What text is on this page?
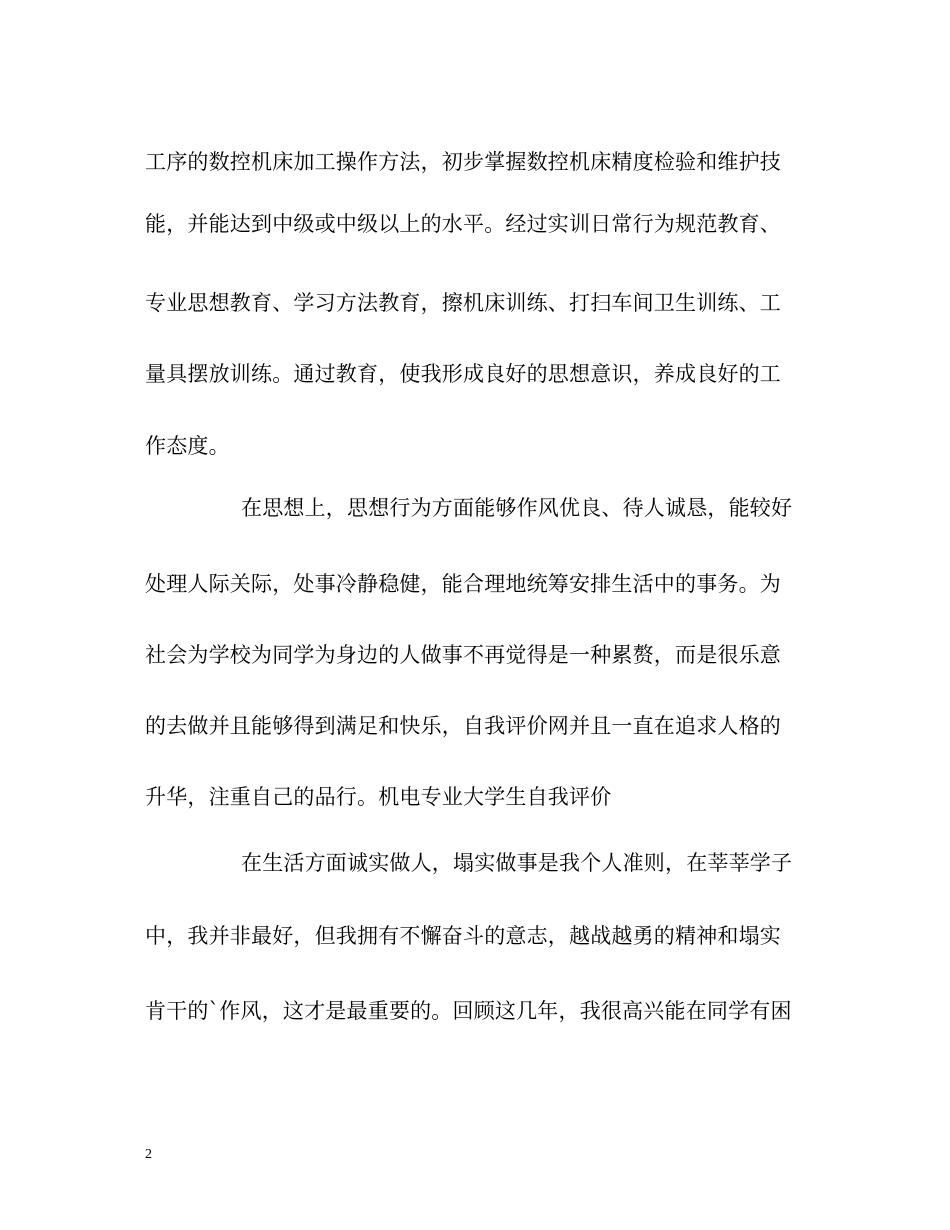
工序的数控机床加工操作方法，初步掌握数控机床精度检验和维护技
能，并能达到中级或中级以上的水平。经过实训日常行为规范教育、
专业思想教育、学习方法教育，擦机床训练、打扫车间卫生训练、工
量具摆放训练。通过教育，使我形成良好的思想意识，养成良好的工
作态度。
在思想上，思想行为方面能够作风优良、待人诚恳，能较好
处理人际关际，处事冷静稳健，能合理地统筹安排生活中的事务。为
社会为学校为同学为身边的人做事不再觉得是一种累赘，而是很乐意
的去做并且能够得到满足和快乐，自我评价网并且一直在追求人格的
升华，注重自己的品行。机电专业大学生自我评价
在生活方面诚实做人，塌实做事是我个人准则，在莘莘学子
中，我并非最好，但我拥有不懈奋斗的意志，越战越勇的精神和塌实
肯干的`作风，这才是最重要的。回顾这几年，我很高兴能在同学有困
2
